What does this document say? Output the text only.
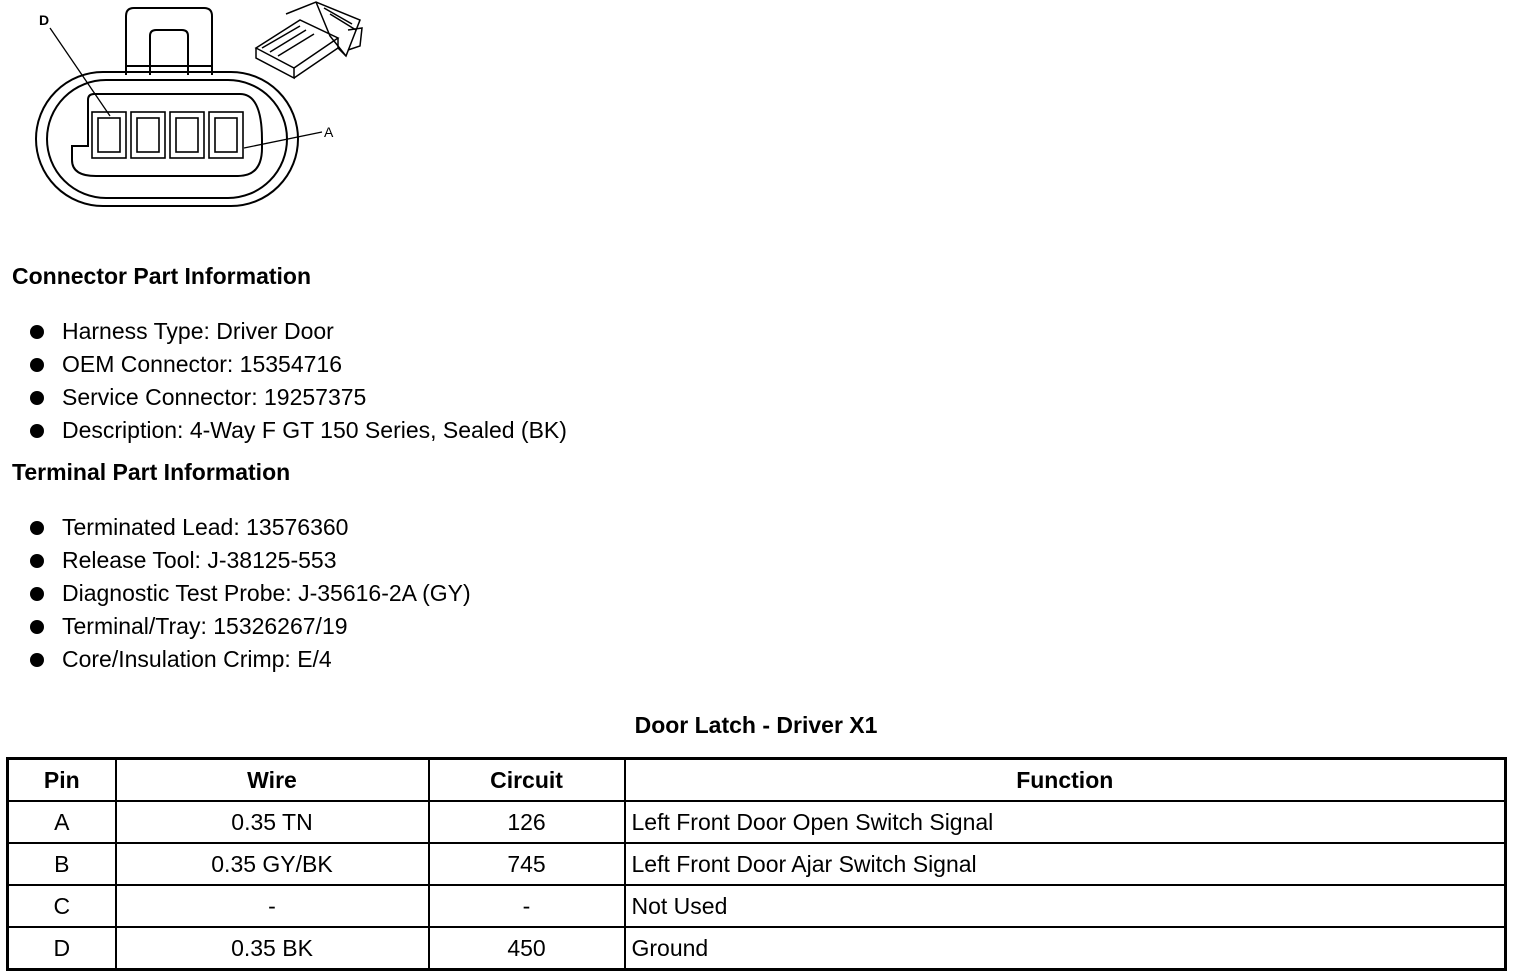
D
A
Connector Part Information
Harness Type: Driver Door
OEM Connector: 15354716
Service Connector: 19257375
Description: 4-Way F GT 150 Series, Sealed (BK)
Terminal Part Information
Terminated Lead: 13576360
Release Tool: J-38125-553
Diagnostic Test Probe: J-35616-2A (GY)
Terminal/Tray: 15326267/19
Core/Insulation Crimp: E/4
Door Latch - Driver X1
Pin	Wire	Circuit	Function
A	0.35 TN	126	Left Front Door Open Switch Signal
B	0.35 GY/BK	745	Left Front Door Ajar Switch Signal
C	-	-	Not Used
D	0.35 BK	450	Ground
